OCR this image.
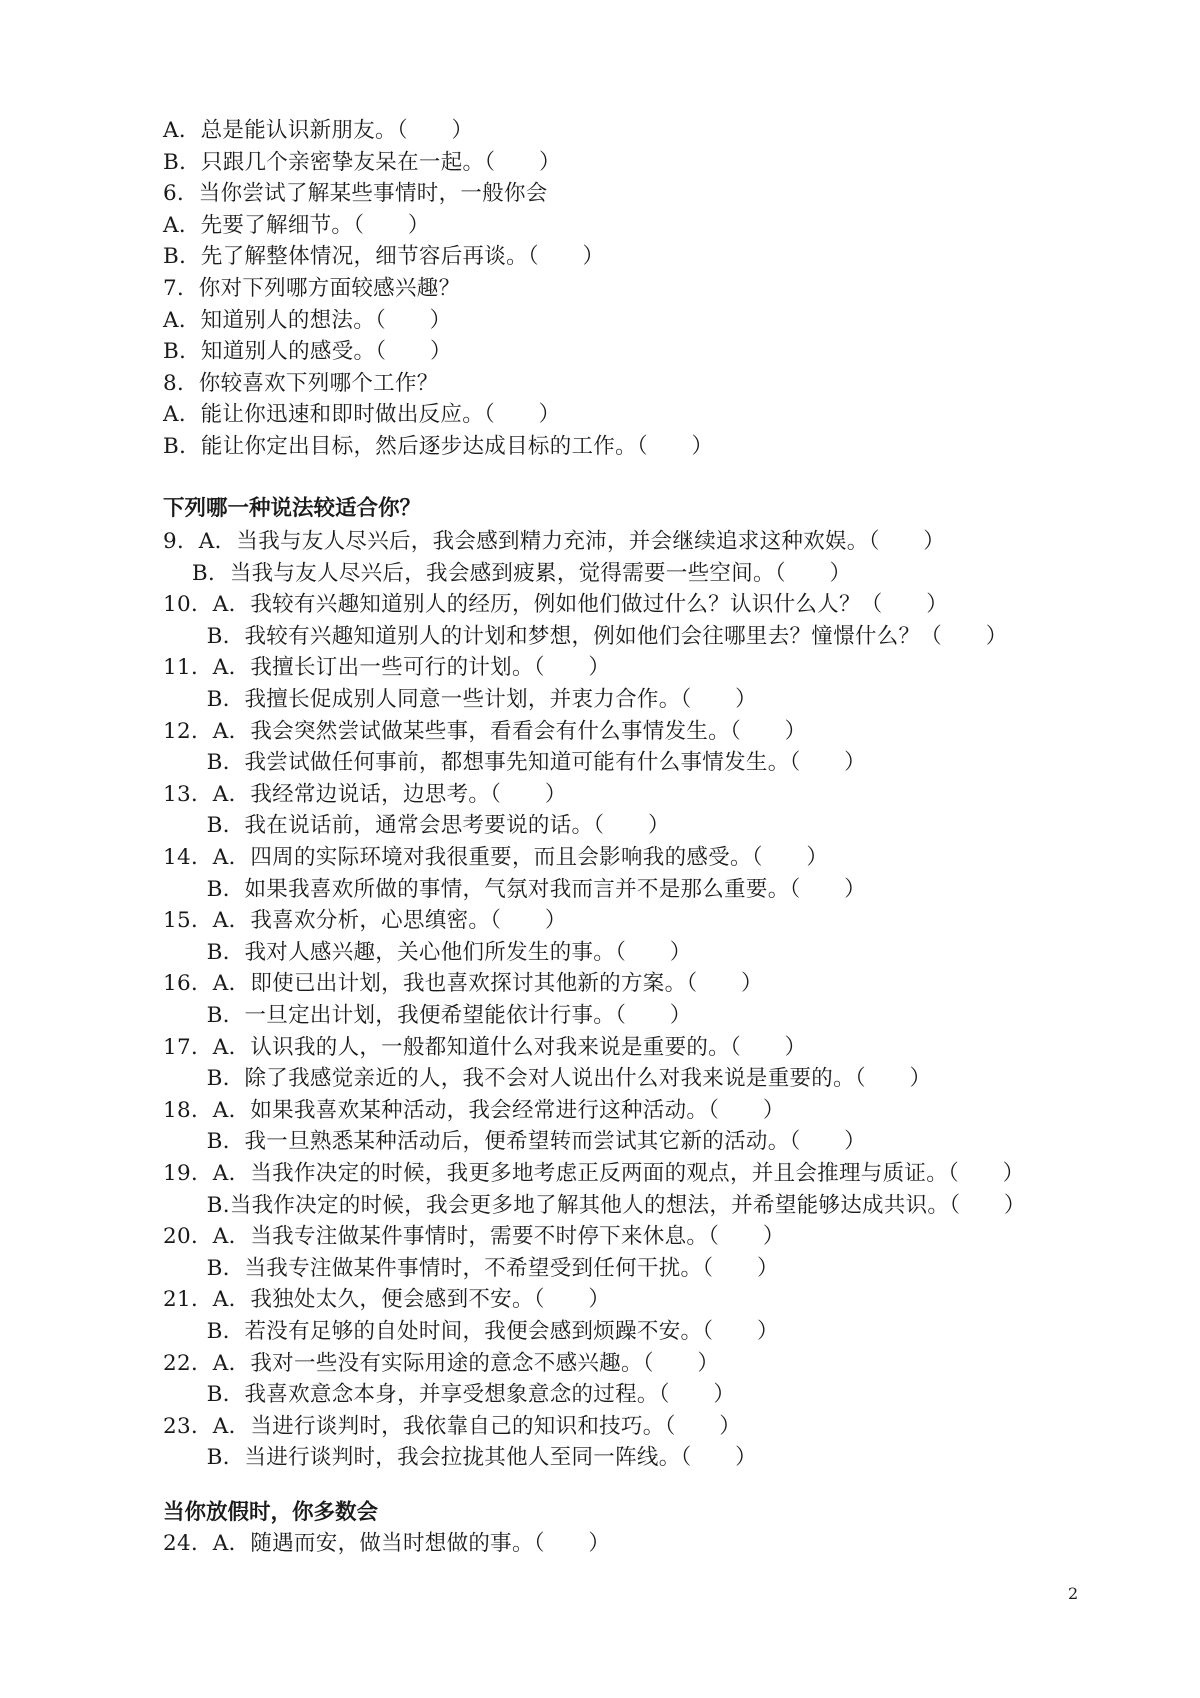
A．总是能认识新朋友。（　　）
B．只跟几个亲密挚友呆在一起。（　　）
6．当你尝试了解某些事情时，一般你会
A．先要了解细节。（　　）
B．先了解整体情况，细节容后再谈。（　　）
7．你对下列哪方面较感兴趣？
A．知道别人的想法。（　　）
B．知道别人的感受。（　　）
8．你较喜欢下列哪个工作？
A．能让你迅速和即时做出反应。（　　）
B．能让你定出目标，然后逐步达成目标的工作。（　　）
下列哪一种说法较适合你？
9．A．当我与友人尽兴后，我会感到精力充沛，并会继续追求这种欢娱。（　　）
　 B．当我与友人尽兴后，我会感到疲累，觉得需要一些空间。（　　）
10．A．我较有兴趣知道别人的经历，例如他们做过什么？认识什么人？（　　）
　　B．我较有兴趣知道别人的计划和梦想，例如他们会往哪里去？憧憬什么？（　　）
11．A．我擅长订出一些可行的计划。（　　）
　　B．我擅长促成别人同意一些计划，并衷力合作。（　　）
12．A．我会突然尝试做某些事，看看会有什么事情发生。（　　）
　　B．我尝试做任何事前，都想事先知道可能有什么事情发生。（　　）
13．A．我经常边说话，边思考。（　　）
　　B．我在说话前，通常会思考要说的话。（　　）
14．A．四周的实际环境对我很重要，而且会影响我的感受。（　　）
　　B．如果我喜欢所做的事情，气氛对我而言并不是那么重要。（　　）
15．A．我喜欢分析，心思缜密。（　　）
　　B．我对人感兴趣，关心他们所发生的事。（　　）
16．A．即使已出计划，我也喜欢探讨其他新的方案。（　　）
　　B．一旦定出计划，我便希望能依计行事。（　　）
17．A．认识我的人，一般都知道什么对我来说是重要的。（　　）
　　B．除了我感觉亲近的人，我不会对人说出什么对我来说是重要的。（　　）
18．A．如果我喜欢某种活动，我会经常进行这种活动。（　　）
　　B．我一旦熟悉某种活动后，便希望转而尝试其它新的活动。（　　）
19．A．当我作决定的时候，我更多地考虑正反两面的观点，并且会推理与质证。（　　）
　　B.当我作决定的时候，我会更多地了解其他人的想法，并希望能够达成共识。（　　）
20．A．当我专注做某件事情时，需要不时停下来休息。（　　）
　　B．当我专注做某件事情时，不希望受到任何干扰。（　　）
21．A．我独处太久，便会感到不安。（　　）
　　B．若没有足够的自处时间，我便会感到烦躁不安。（　　）
22．A．我对一些没有实际用途的意念不感兴趣。（　　）
　　B．我喜欢意念本身，并享受想象意念的过程。（　　）
23．A．当进行谈判时，我依靠自己的知识和技巧。（　　）
　　B．当进行谈判时，我会拉拢其他人至同一阵线。（　　）
当你放假时，你多数会
24．A．随遇而安，做当时想做的事。（　　）
2
